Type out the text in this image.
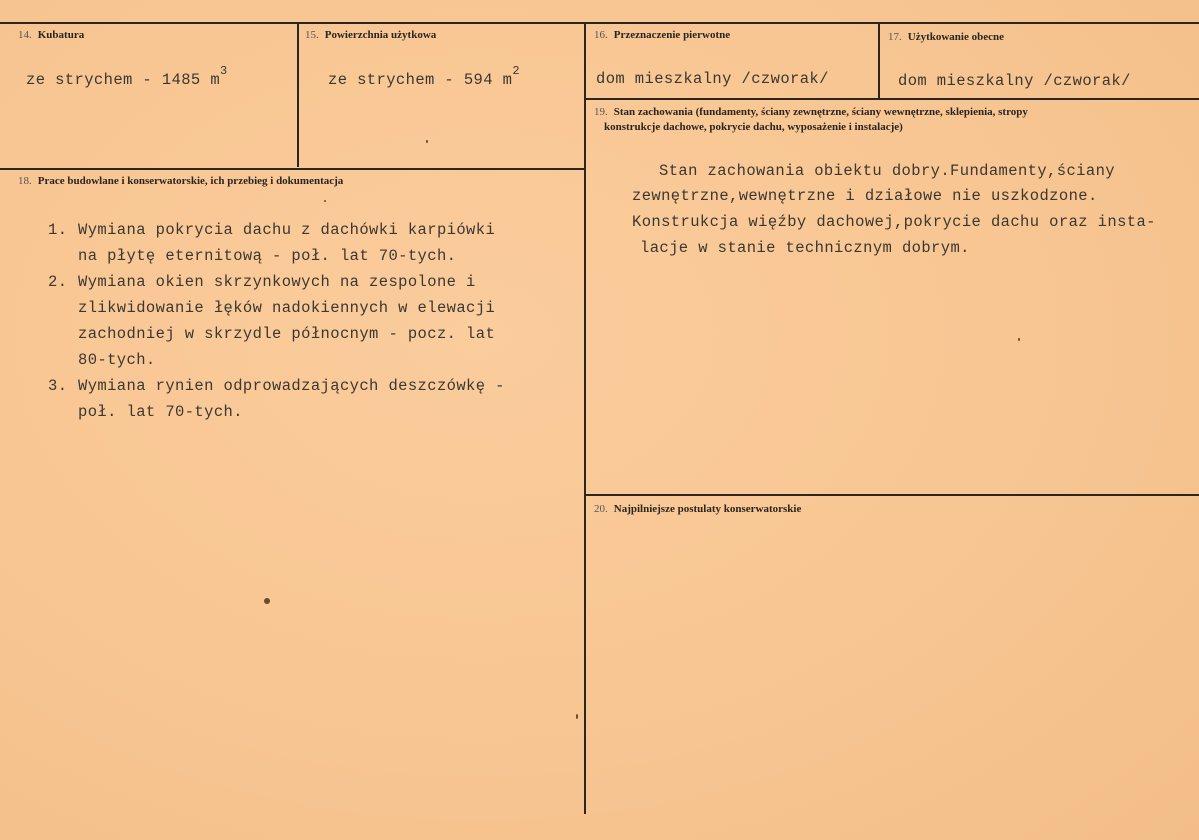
14. Kubatura
ze strychem - 1485 $m^3$
15. Powierzchnia użytkowa
ze strychem - 594 $m^2$
16. Przeznaczenie pierwotne
dom mieszkalny /czworak/
17. Użytkowanie obecne
dom mieszkalny /czworak/
19. Stan zachowania (fundamenty, ściany zewnętrzne, ściany wewnętrzne, sklepienia, stropy
konstrukcje dachowe, pokrycie dachu, wyposażenie i instalacje)
Stan zachowania obiektu dobry.Fundamenty,ściany
zewnętrzne,wewnętrzne i działowe nie uszkodzone.
Konstrukcja więźby dachowej,pokrycie dachu oraz insta-
lacje w stanie technicznym dobrym.
18. Prace budowlane i konserwatorskie, ich przebieg i dokumentacja
1. Wymiana pokrycia dachu z dachówki karpiówki
na płytę eternitową - poł. lat 70-tych.
2. Wymiana okien skrzynkowych na zespolone i
zlikwidowanie łęków nadokiennych w elewacji
zachodniej w skrzydle północnym - pocz. lat
80-tych.
3. Wymiana rynien odprowadzających deszczówkę -
poł. lat 70-tych.
20. Najpilniejsze postulaty konserwatorskie
